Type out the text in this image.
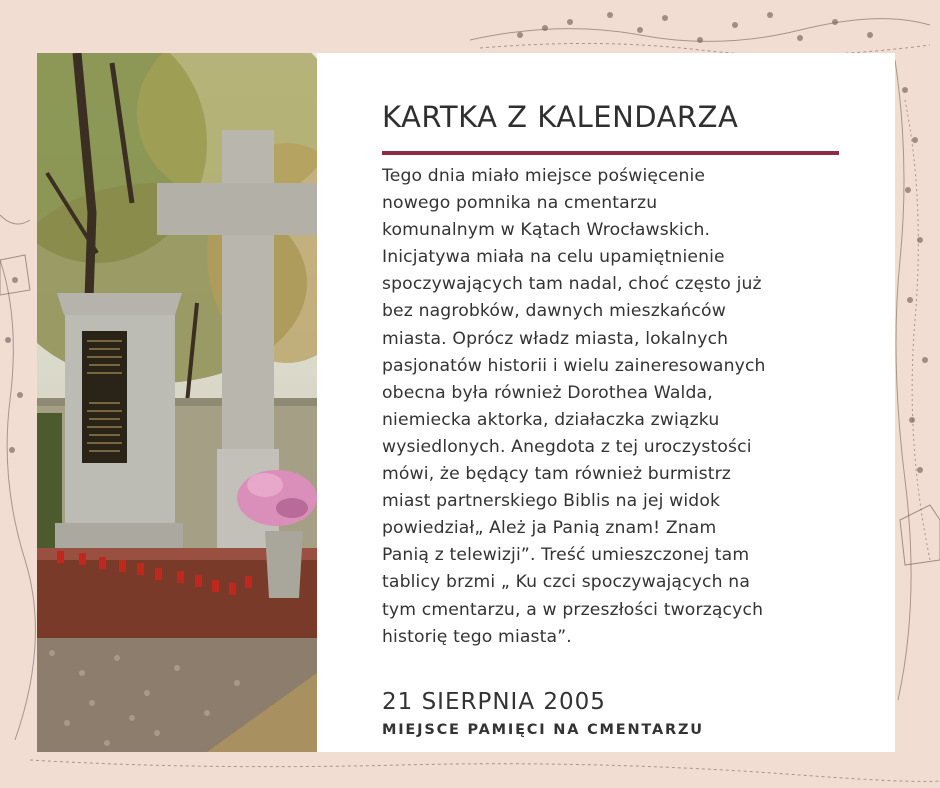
KARTKA Z KALENDARZA
Tego dnia miało miejsce poświęcenie
nowego pomnika na cmentarzu
komunalnym w Kątach Wrocławskich.
Inicjatywa miała na celu upamiętnienie
spoczywających tam nadal, choć często już
bez nagrobków, dawnych mieszkańców
miasta. Oprócz władz miasta, lokalnych
pasjonatów historii i wielu zaineresowanych
obecna była również Dorothea Walda,
niemiecka aktorka, działaczka związku
wysiedlonych. Anegdota z tej uroczystości
mówi, że będący tam również burmistrz
miast partnerskiego Biblis na jej widok
powiedział„ Ależ ja Panią znam! Znam
Panią z telewizji”. Treść umieszczonej tam
tablicy brzmi „ Ku czci spoczywających na
tym cmentarzu, a w przeszłości tworzących
historię tego miasta”.
21 SIERPNIA 2005
MIEJSCE PAMIĘCI NA CMENTARZU
